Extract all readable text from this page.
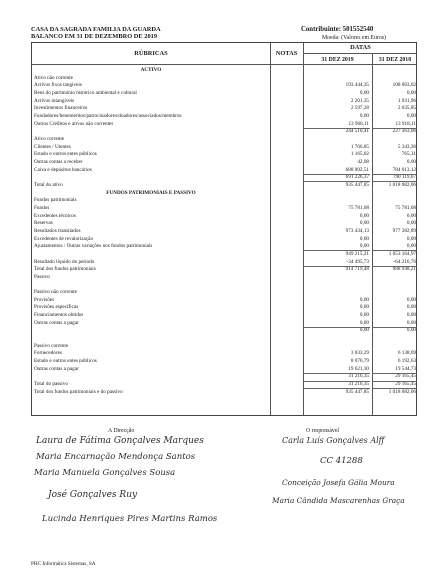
CASA DA SAGRADA FAMILIA DA GUARDA
BALANCO EM 31 DE DEZEMBRO DE 2019
Contribuinte: 501552540
Moeda: (Valores em Euros)
RÚBRICAS	NOTAS
DATAS
31 DEZ 2019	31 DEZ 2018
ACTIVO
Ativo não corrente
Activos fixos tangíveis	193 444,35	108 063,02
Bens do património histórico ambiental e cultural	0,00	0,00
Activos intangíveis	2 201,35	1 931,96
Investimentos financeiros	2 597,28	2 035,85
Fundadores/beneméritos/patrocinadores/doadores/associados/membros	0,00	0,00
Outros Créditos e ativos não correntes	13 968,11	13 918,11
244 510,41	227 363,06
Ativo corrente
Clientes / Utentes	1 766,85	5 343,36
Estado e outros entes públicos	1 165,02	765,31
Outras contas a receber	42,08	0,00
Caixa e depósitos bancários	688 002,51	784 013,12
691 226,37	790 119,67
Total do ativo	935 447,85	1 018 082,06
FUNDOS PATRIMONIAIS E PASSIVO
Fundos patrimoniais
Fundos	75 781,08	75 781,08
Excedentes técnicos	0,00	0,00
Reservas	0,00	0,00
Resultados transitados	973 434,13	977 382,89
Excedentes de revalorização	0,00	0,00
Ajustamentos / Outras variações nos fundos patrimoniais	0,00	0,00
949 215,21	1 053 164,97
Resultado líquido do período	-34 495,73	-64 216,76
Total dos fundos patrimoniais	914 719,48	988 948,21
Passivo
Passivo não corrente
Provisões	0,00	0,00
Provisões específicas	0,00	0,00
Financiamentos obtidos	0,00	0,00
Outras contas a pagar	0,00	0,00
0,00	0,00
Passivo corrente
Fornecedores	3 033,29	6 138,69
Estado e outros entes públicos	8 076,79	6 192,63
Outras contas a pagar	19 621,30	19 544,73
31 216,35	29 165,45
Total do passivo	31 216,35	29 165,45
Total dos fundos patrimoniais e do passivo	935 447,85	1 018 082,06
A Direcção	O responsável
Laura de Fátima Gonçalves Marques
Maria Encarnação Mendonça Santos
Maria Manuela Gonçalves Sousa
José Gonçalves Ruy
Lucinda Henriques Pires Martins Ramos
Carla Luís Gonçalves Alff
CC 41288
Conceição Josefa Gália Moura
Maria Cândida Mascarenhas Graça
PHC Informática Sistemas, SA
